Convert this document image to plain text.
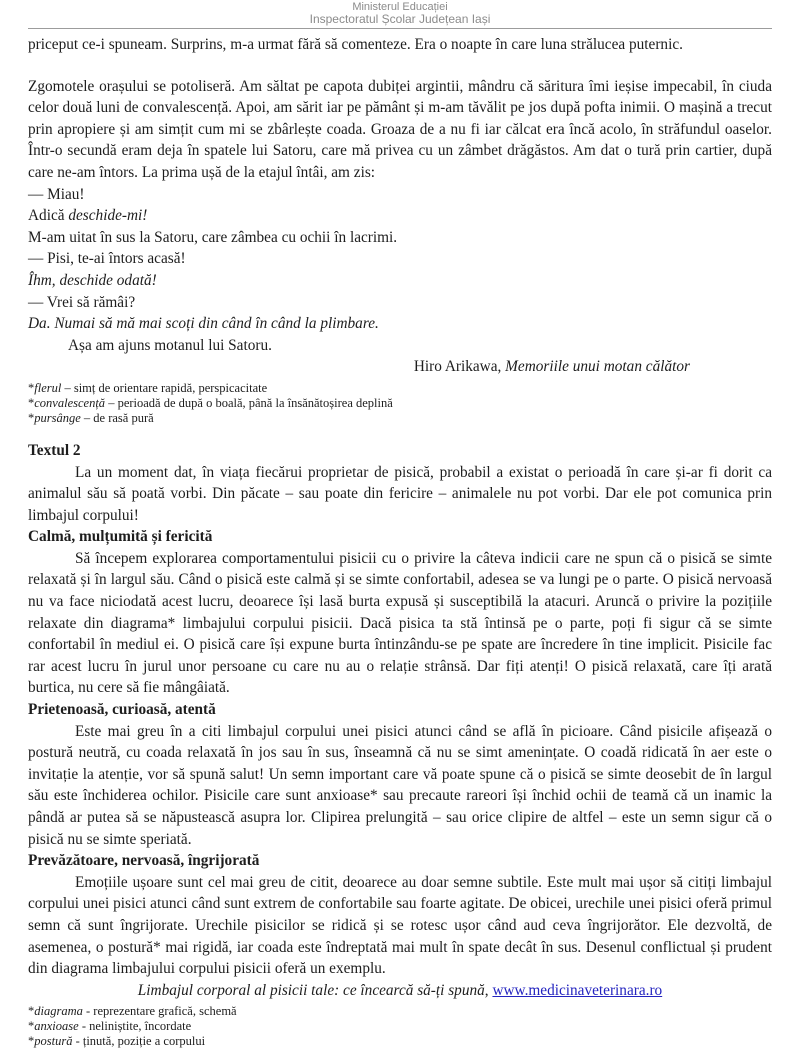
Ministerul Educației
Inspectoratul Școlar Județean Iași

priceput ce-i spuneam. Surprins, m-a urmat fără să comenteze. Era o noapte în care luna strălucea puternic.

Zgomotele orașului se potoliseră. Am săltat pe capota dubiței argintii, mândru că săritura îmi ieșise impecabil, în ciuda celor două luni de convalescență. Apoi, am sărit iar pe pământ și m-am tăvălit pe jos după pofta inimii. O mașină a trecut prin apropiere și am simțit cum mi se zbârlește coada. Groaza de a nu fi iar călcat era încă acolo, în străfundul oaselor. Într-o secundă eram deja în spatele lui Satoru, care mă privea cu un zâmbet drăgăstos. Am dat o tură prin cartier, după care ne-am întors. La prima ușă de la etajul întâi, am zis:

— Miau!

Adică deschide-mi!

M-am uitat în sus la Satoru, care zâmbea cu ochii în lacrimi.

— Pisi, te-ai întors acasă!

Îhm, deschide odată!

— Vrei să rămâi?

Da. Numai să mă mai scoți din când în când la plimbare.

Așa am ajuns motanul lui Satoru.

Hiro Arikawa, Memoriile unui motan călător

*flerul – simț de orientare rapidă, perspicacitate

*convalescență – perioadă de după o boală, până la însănătoșirea deplină

*pursânge – de rasă pură

Textul 2

La un moment dat, în viața fiecărui proprietar de pisică, probabil a existat o perioadă în care și-ar fi dorit ca animalul său să poată vorbi. Din păcate – sau poate din fericire – animalele nu pot vorbi. Dar ele pot comunica prin limbajul corpului!

Calmă, mulțumită și fericită

Să începem explorarea comportamentului pisicii cu o privire la câteva indicii care ne spun că o pisică se simte relaxată și în largul său. Când o pisică este calmă și se simte confortabil, adesea se va lungi pe o parte. O pisică nervoasă nu va face niciodată acest lucru, deoarece își lasă burta expusă și susceptibilă la atacuri. Aruncă o privire la pozițiile relaxate din diagrama* limbajului corpului pisicii. Dacă pisica ta stă întinsă pe o parte, poți fi sigur că se simte confortabil în mediul ei. O pisică care își expune burta întinzându-se pe spate are încredere în tine implicit. Pisicile fac rar acest lucru în jurul unor persoane cu care nu au o relație strânsă. Dar fiți atenți! O pisică relaxată, care îți arată burtica, nu cere să fie mângâiată.

Prietenoasă, curioasă, atentă

Este mai greu în a citi limbajul corpului unei pisici atunci când se află în picioare. Când pisicile afișează o postură neutră, cu coada relaxată în jos sau în sus, înseamnă că nu se simt amenințate. O coadă ridicată în aer este o invitație la atenție, vor să spună salut! Un semn important care vă poate spune că o pisică se simte deosebit de în largul său este închiderea ochilor. Pisicile care sunt anxioase* sau precaute rareori își închid ochii de teamă că un inamic la pândă ar putea să se năpustească asupra lor. Clipirea prelungită – sau orice clipire de altfel – este un semn sigur că o pisică nu se simte speriată.

Prevăzătoare, nervoasă, îngrijorată

Emoțiile ușoare sunt cel mai greu de citit, deoarece au doar semne subtile. Este mult mai ușor să citiți limbajul corpului unei pisici atunci când sunt extrem de confortabile sau foarte agitate. De obicei, urechile unei pisici oferă primul semn că sunt îngrijorate. Urechile pisicilor se ridică și se rotesc ușor când aud ceva îngrijorător. Ele dezvoltă, de asemenea, o postură* mai rigidă, iar coada este îndreptată mai mult în spate decât în sus. Desenul conflictual și prudent din diagrama limbajului corpului pisicii oferă un exemplu.

Limbajul corporal al pisicii tale: ce încearcă să-ți spună, www.medicinaveterinara.ro

*diagrama - reprezentare grafică, schemă

*anxioase - neliniștite, încordate

*postură - ținută, poziție a corpului
